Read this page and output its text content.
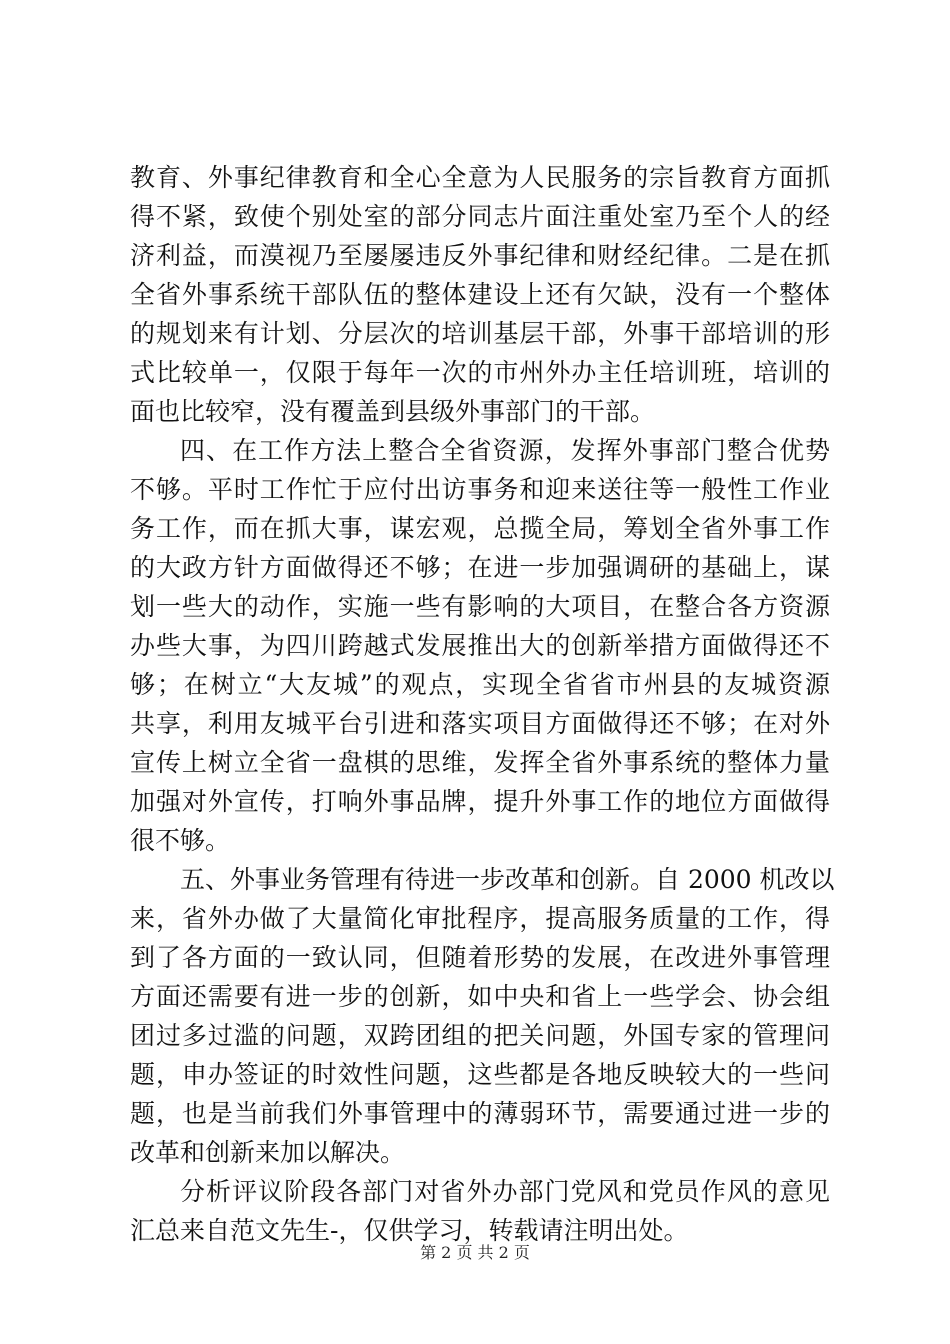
教育、外事纪律教育和全心全意为人民服务的宗旨教育方面抓
得不紧，致使个别处室的部分同志片面注重处室乃至个人的经
济利益，而漠视乃至屡屡违反外事纪律和财经纪律。二是在抓
全省外事系统干部队伍的整体建设上还有欠缺，没有一个整体
的规划来有计划、分层次的培训基层干部，外事干部培训的形
式比较单一，仅限于每年一次的市州外办主任培训班，培训的
面也比较窄，没有覆盖到县级外事部门的干部。
四、在工作方法上整合全省资源，发挥外事部门整合优势
不够。平时工作忙于应付出访事务和迎来送往等一般性工作业
务工作，而在抓大事，谋宏观，总揽全局，筹划全省外事工作
的大政方针方面做得还不够；在进一步加强调研的基础上，谋
划一些大的动作，实施一些有影响的大项目，在整合各方资源
办些大事，为四川跨越式发展推出大的创新举措方面做得还不
够；在树立“大友城”的观点，实现全省省市州县的友城资源
共享，利用友城平台引进和落实项目方面做得还不够；在对外
宣传上树立全省一盘棋的思维，发挥全省外事系统的整体力量
加强对外宣传，打响外事品牌，提升外事工作的地位方面做得
很不够。
五、外事业务管理有待进一步改革和创新。自 2000 机改以
来，省外办做了大量简化审批程序，提高服务质量的工作，得
到了各方面的一致认同，但随着形势的发展，在改进外事管理
方面还需要有进一步的创新，如中央和省上一些学会、协会组
团过多过滥的问题，双跨团组的把关问题，外国专家的管理问
题，申办签证的时效性问题，这些都是各地反映较大的一些问
题，也是当前我们外事管理中的薄弱环节，需要通过进一步的
改革和创新来加以解决。
分析评议阶段各部门对省外办部门党风和党员作风的意见
汇总来自范文先生-，仅供学习，转载请注明出处。
第 2 页 共 2 页
